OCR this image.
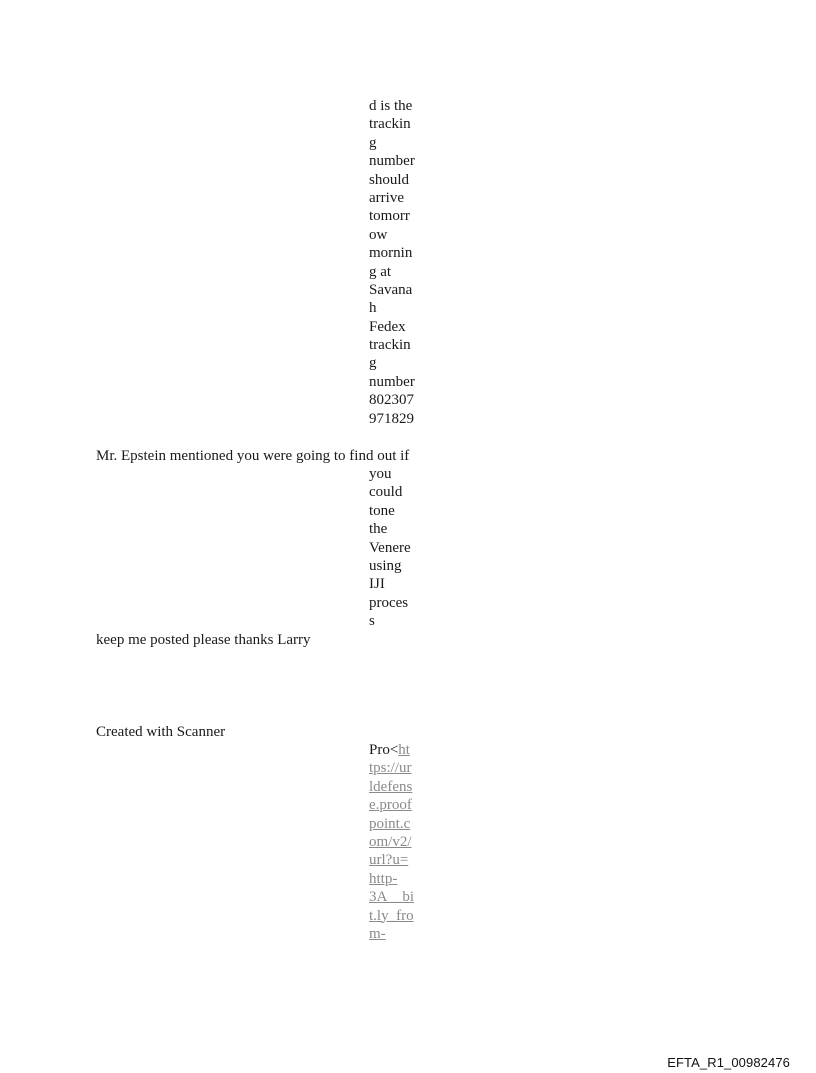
d is the
trackin
g
number
should
arrive
tomorr
ow
mornin
g at
Savana
h
Fedex
trackin
g
number
802307
971829
Mr. Epstein mentioned you were going to find out if
you
could
tone
the
Venere
using
IJI
proces
s
keep me posted please thanks Larry
Created with Scanner
Pro<ht
tps://ur
ldefens
e.proof
point.c
om/v2/
url?u=
http-
3A__bi
t.ly_fro
m-
EFTA_R1_00982476
